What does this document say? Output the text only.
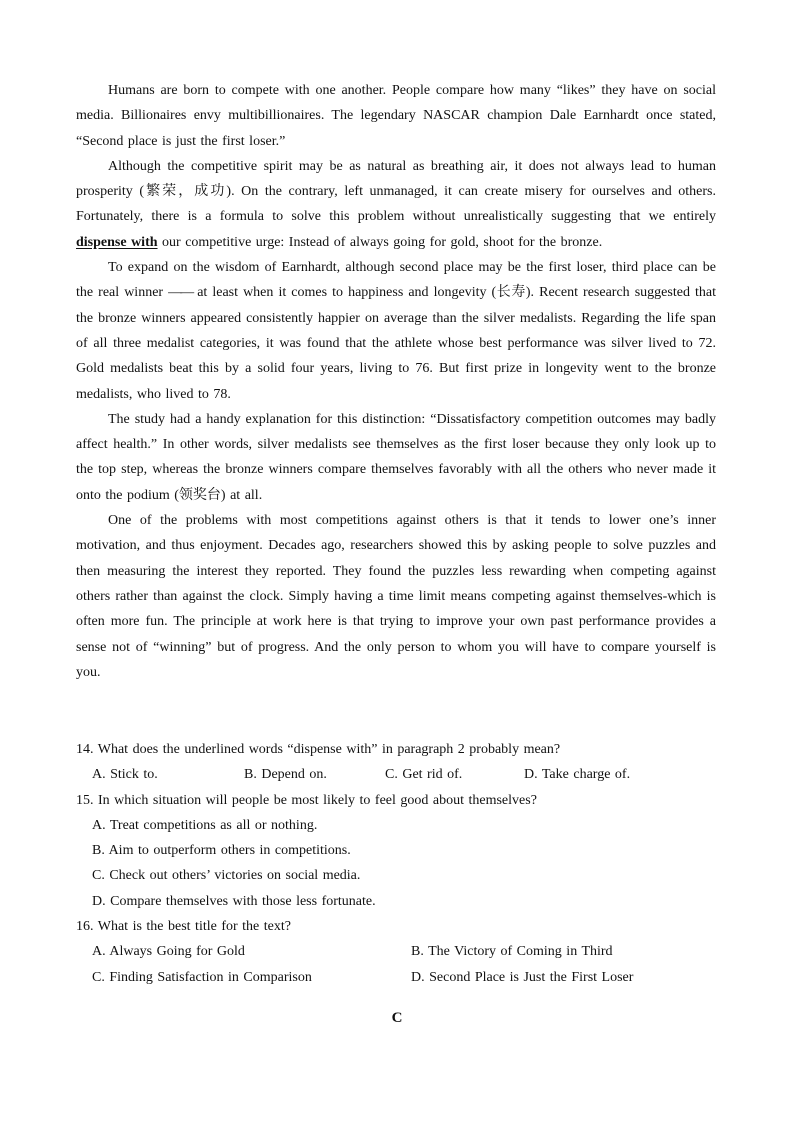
Humans are born to compete with one another. People compare how many “likes” they have on social media. Billionaires envy multibillionaires. The legendary NASCAR champion Dale Earnhardt once stated, “Second place is just the first loser.”

Although the competitive spirit may be as natural as breathing air, it does not always lead to human prosperity (繁荣，成功). On the contrary, left unmanaged, it can create misery for ourselves and others. Fortunately, there is a formula to solve this problem without unrealistically suggesting that we entirely dispense with our competitive urge: Instead of always going for gold, shoot for the bronze.

To expand on the wisdom of Earnhardt, although second place may be the first loser, third place can be the real winner —— at least when it comes to happiness and longevity (长寿). Recent research suggested that the bronze winners appeared consistently happier on average than the silver medalists. Regarding the life span of all three medalist categories, it was found that the athlete whose best performance was silver lived to 72. Gold medalists beat this by a solid four years, living to 76. But first prize in longevity went to the bronze medalists, who lived to 78.

The study had a handy explanation for this distinction: “Dissatisfactory competition outcomes may badly affect health.” In other words, silver medalists see themselves as the first loser because they only look up to the top step, whereas the bronze winners compare themselves favorably with all the others who never made it onto the podium (领奖台) at all.

One of the problems with most competitions against others is that it tends to lower one’s inner motivation, and thus enjoyment. Decades ago, researchers showed this by asking people to solve puzzles and then measuring the interest they reported. They found the puzzles less rewarding when competing against others rather than against the clock. Simply having a time limit means competing against themselves-which is often more fun. The principle at work here is that trying to improve your own past performance provides a sense not of “winning” but of progress. And the only person to whom you will have to compare yourself is you.

14. What does the underlined words “dispense with” in paragraph 2 probably mean?

A. Stick to.	B. Depend on.	C. Get rid of.	D. Take charge of.

15. In which situation will people be most likely to feel good about themselves?

A. Treat competitions as all or nothing.
B. Aim to outperform others in competitions.
C. Check out others’ victories on social media.
D. Compare themselves with those less fortunate.

16. What is the best title for the text?

A. Always Going for Gold	B. The Victory of Coming in Third
C. Finding Satisfaction in Comparison	D. Second Place is Just the First Loser
C
